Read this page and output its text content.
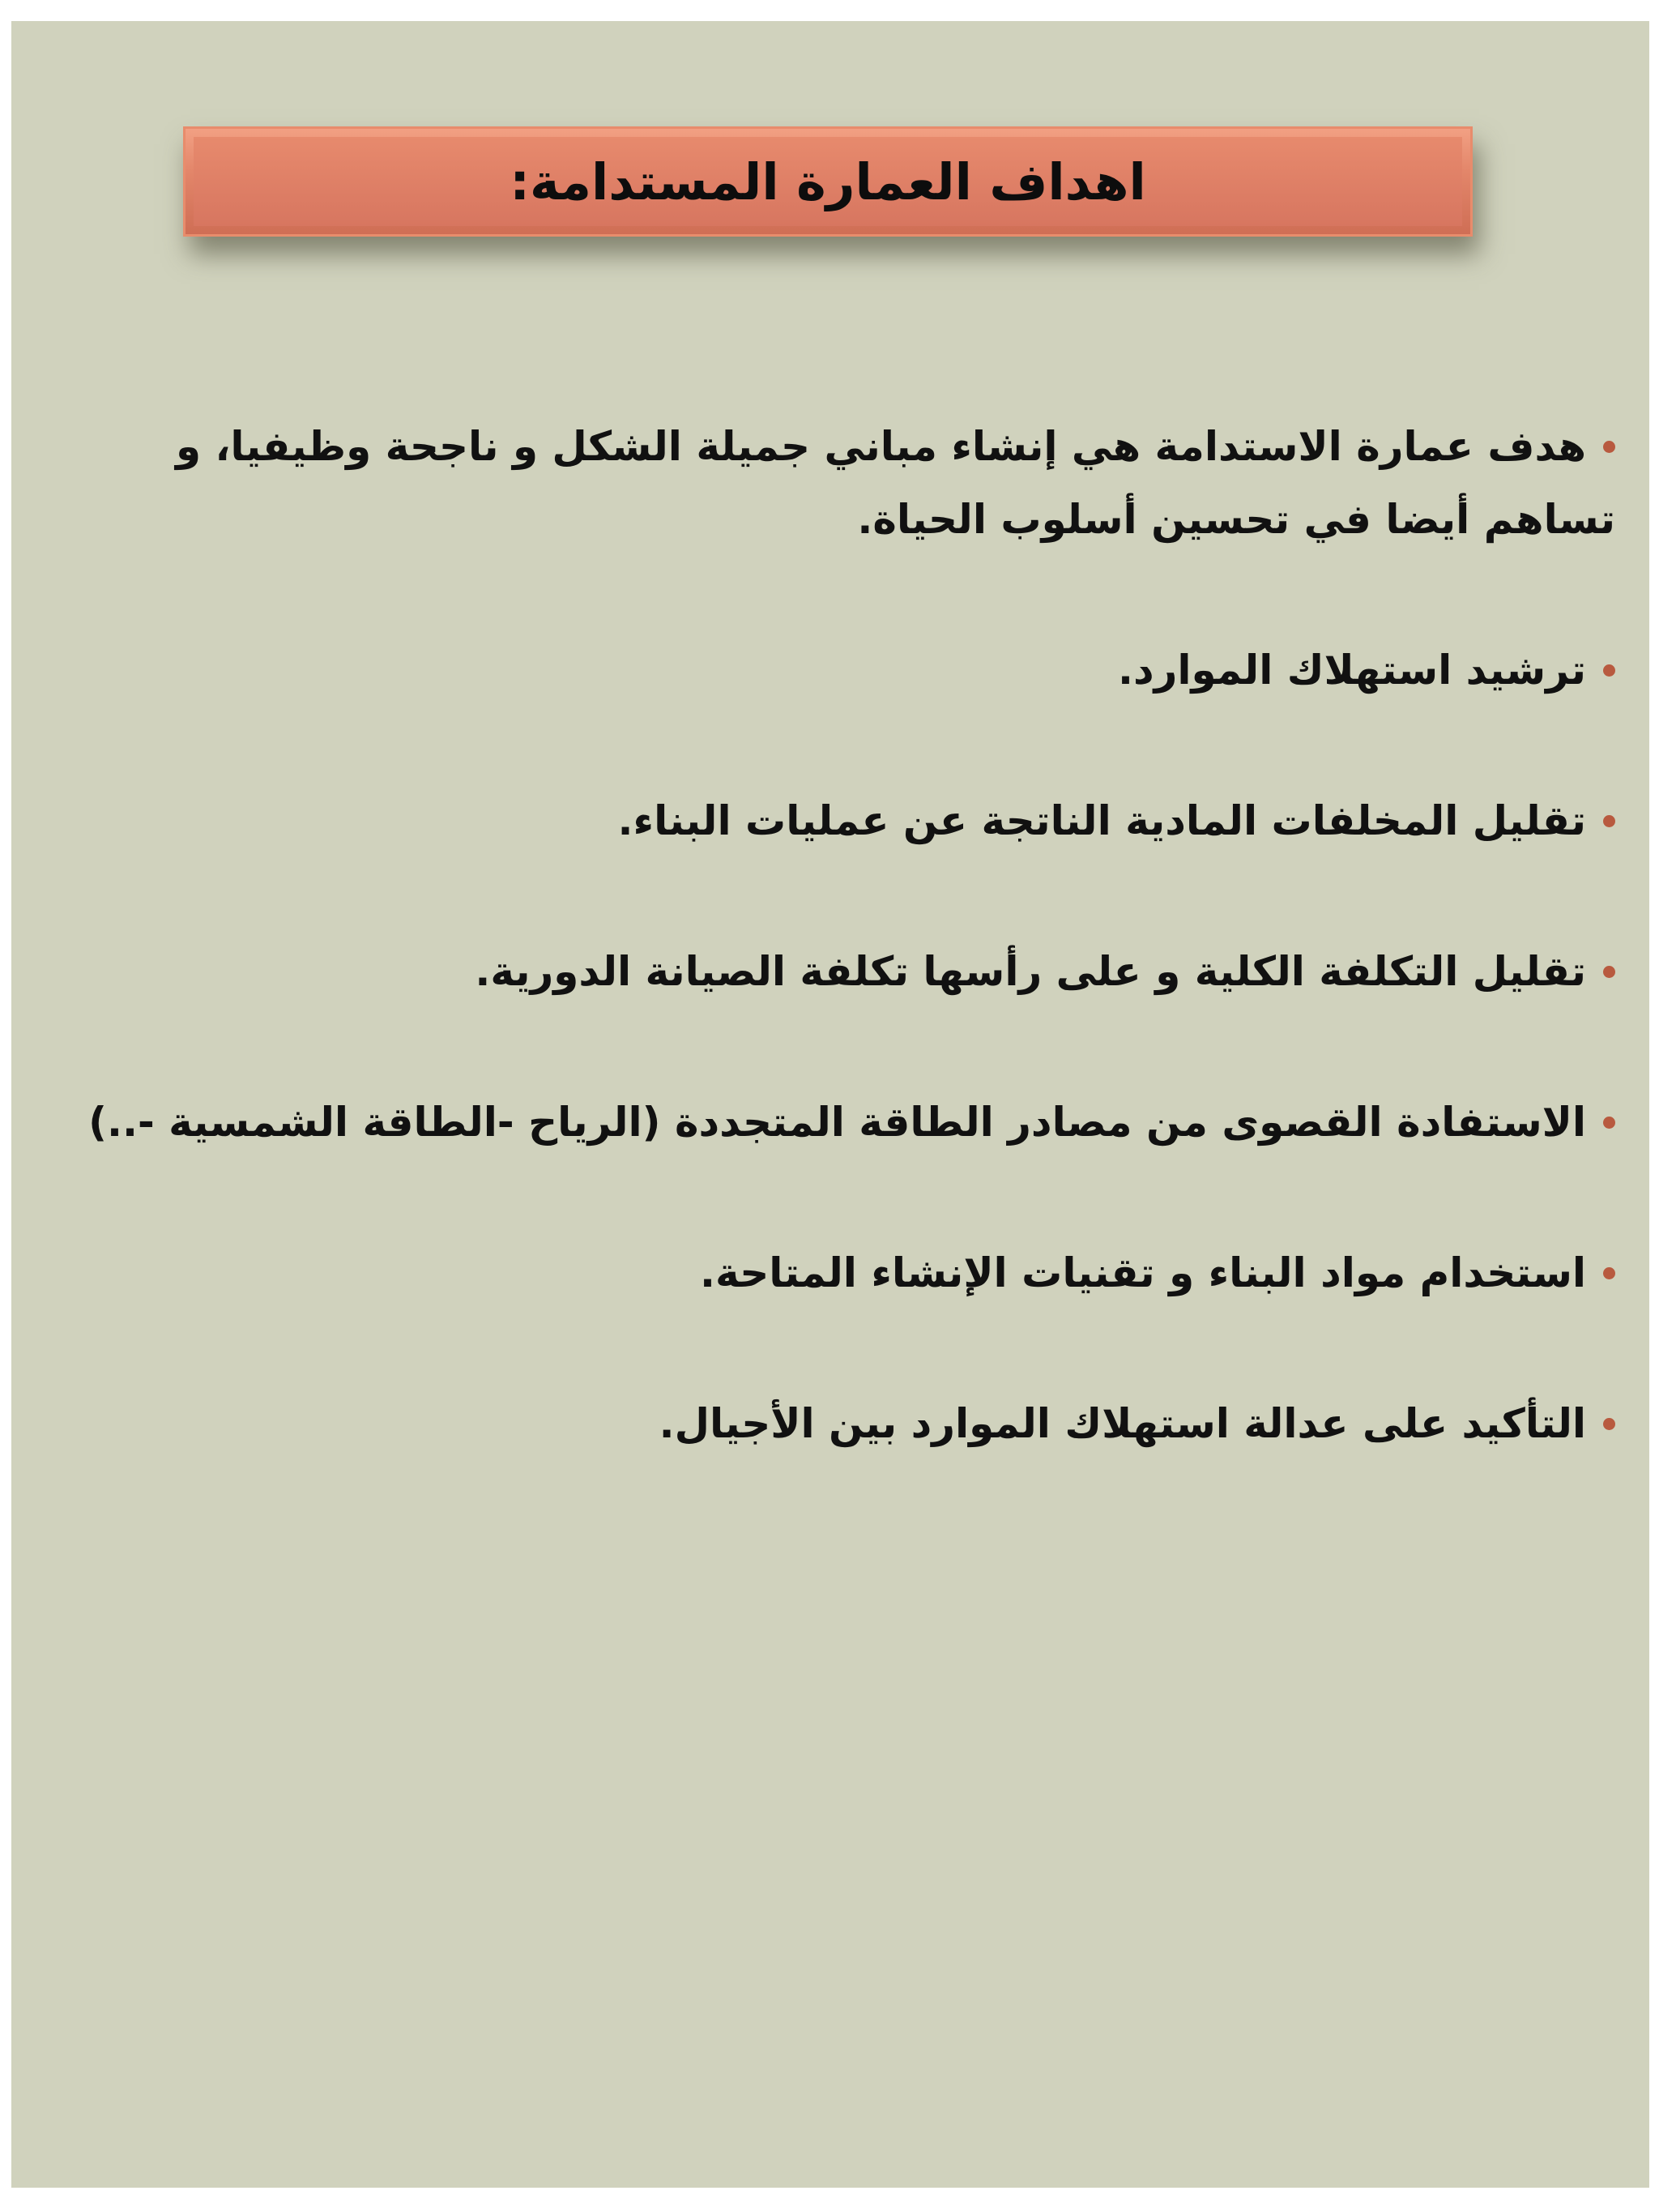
اهداف العمارة المستدامة:
هدف عمارة الاستدامة هي إنشاء مباني جميلة الشكل و ناجحة وظيفيا، و تساهم أيضا في تحسين أسلوب الحياة.
ترشيد استهلاك الموارد.
تقليل المخلفات المادية الناتجة عن عمليات البناء.
تقليل التكلفة الكلية و على رأسها تكلفة الصيانة الدورية.
الاستفادة القصوى من مصادر الطاقة المتجددة (الرياح -الطاقة الشمسية -..)
استخدام مواد البناء و تقنيات الإنشاء المتاحة.
التأكيد على عدالة استهلاك الموارد بين الأجيال.
